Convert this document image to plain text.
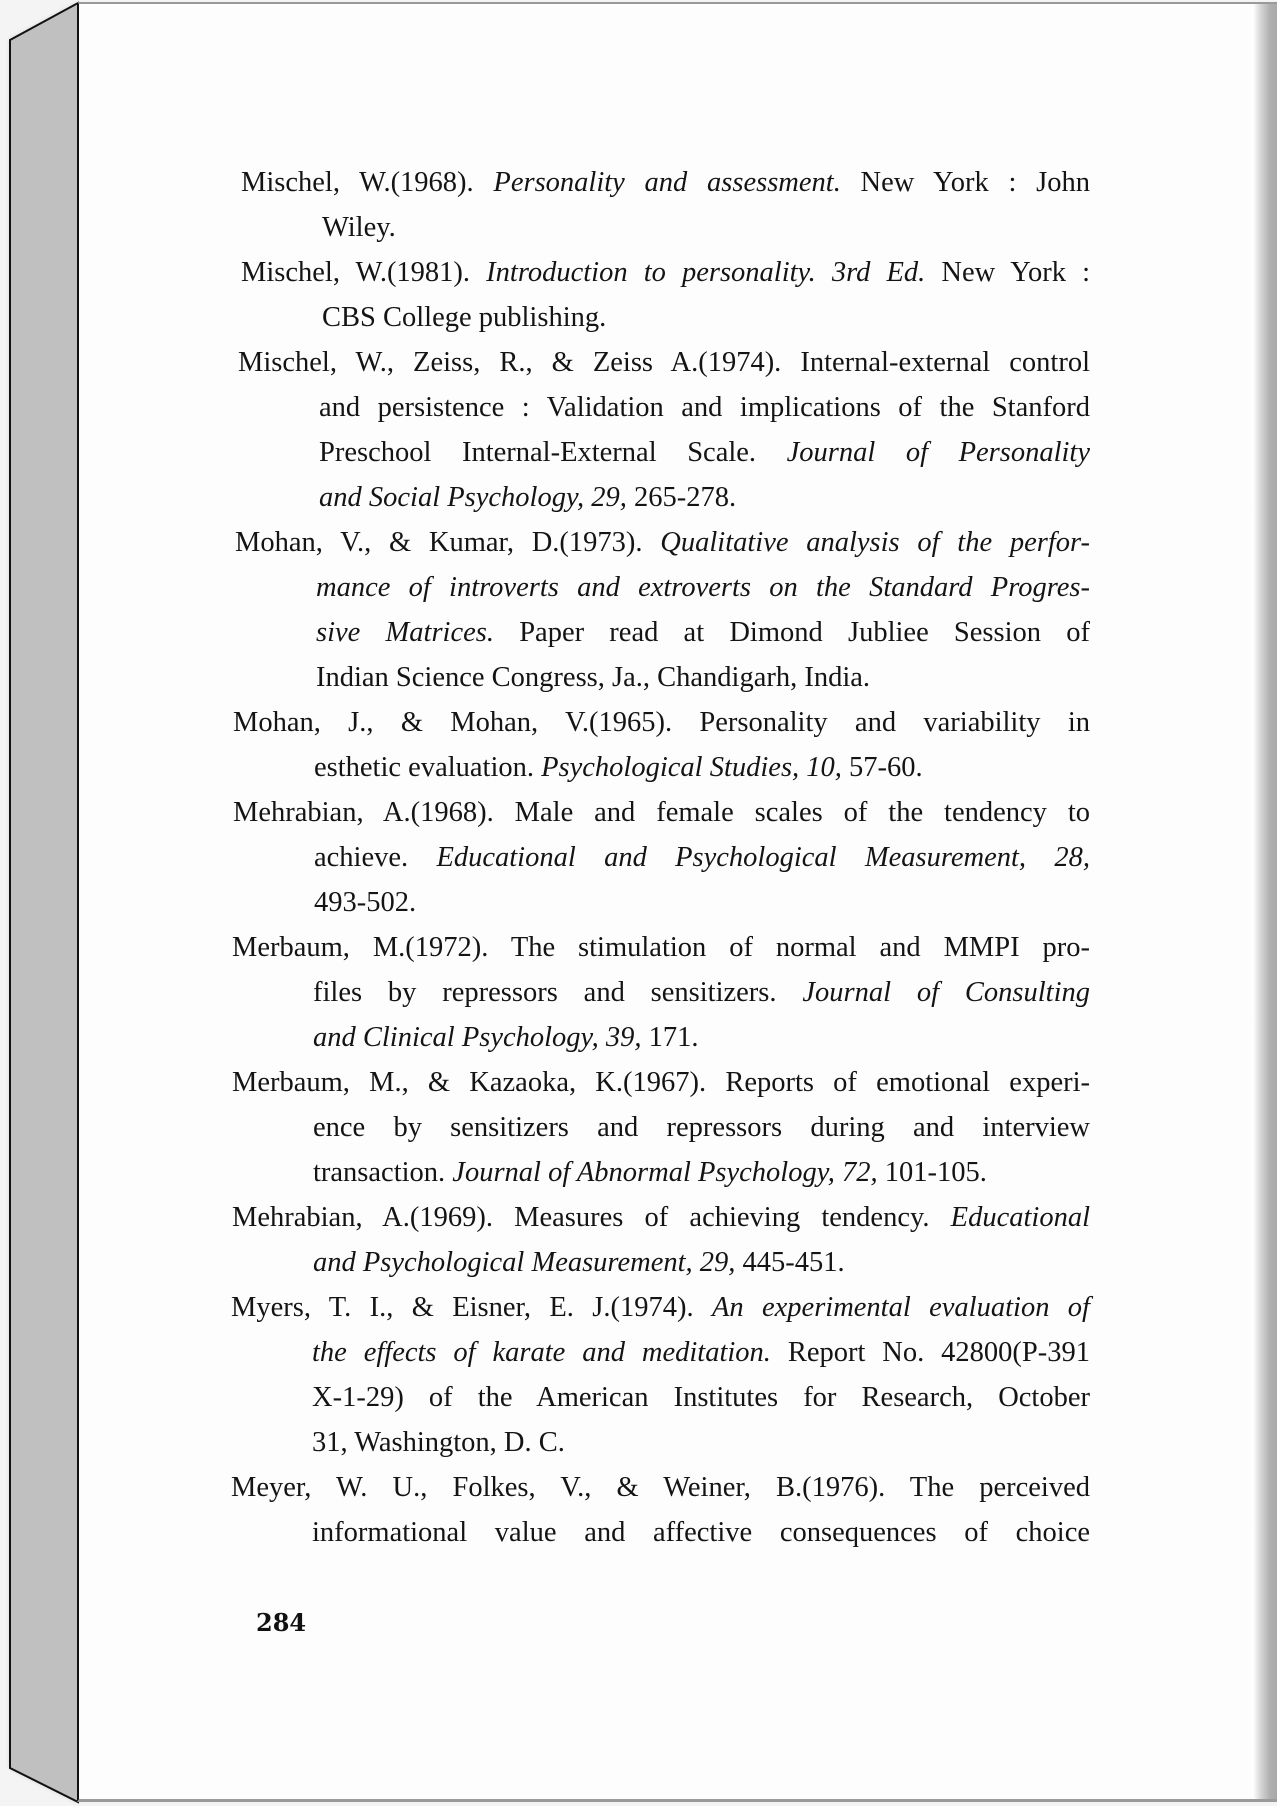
Mischel, W.(1968). Personality and assessment. New York : John
Wiley.
Mischel, W.(1981). Introduction to personality. 3rd Ed. New York :
CBS College publishing.
Mischel, W., Zeiss, R., & Zeiss A.(1974). Internal-external control
and persistence : Validation and implications of the Stanford
Preschool Internal-External Scale. Journal of Personality
and Social Psychology, 29, 265-278.
Mohan, V., & Kumar, D.(1973). Qualitative analysis of the perfor-
mance of introverts and extroverts on the Standard Progres-
sive Matrices. Paper read at Dimond Jubliee Session of
Indian Science Congress, Ja., Chandigarh, India.
Mohan, J., & Mohan, V.(1965). Personality and variability in
esthetic evaluation. Psychological Studies, 10, 57-60.
Mehrabian, A.(1968). Male and female scales of the tendency to
achieve. Educational and Psychological Measurement, 28,
493-502.
Merbaum, M.(1972). The stimulation of normal and MMPI pro-
files by repressors and sensitizers. Journal of Consulting
and Clinical Psychology, 39, 171.
Merbaum, M., & Kazaoka, K.(1967). Reports of emotional experi-
ence by sensitizers and repressors during and interview
transaction. Journal of Abnormal Psychology, 72, 101-105.
Mehrabian, A.(1969). Measures of achieving tendency. Educational
and Psychological Measurement, 29, 445-451.
Myers, T. I., & Eisner, E. J.(1974). An experimental evaluation of
the effects of karate and meditation. Report No. 42800(P-391
X-1-29) of the American Institutes for Research, October
31, Washington, D. C.
Meyer, W. U., Folkes, V., & Weiner, B.(1976). The perceived
informational value and affective consequences of choice
284
